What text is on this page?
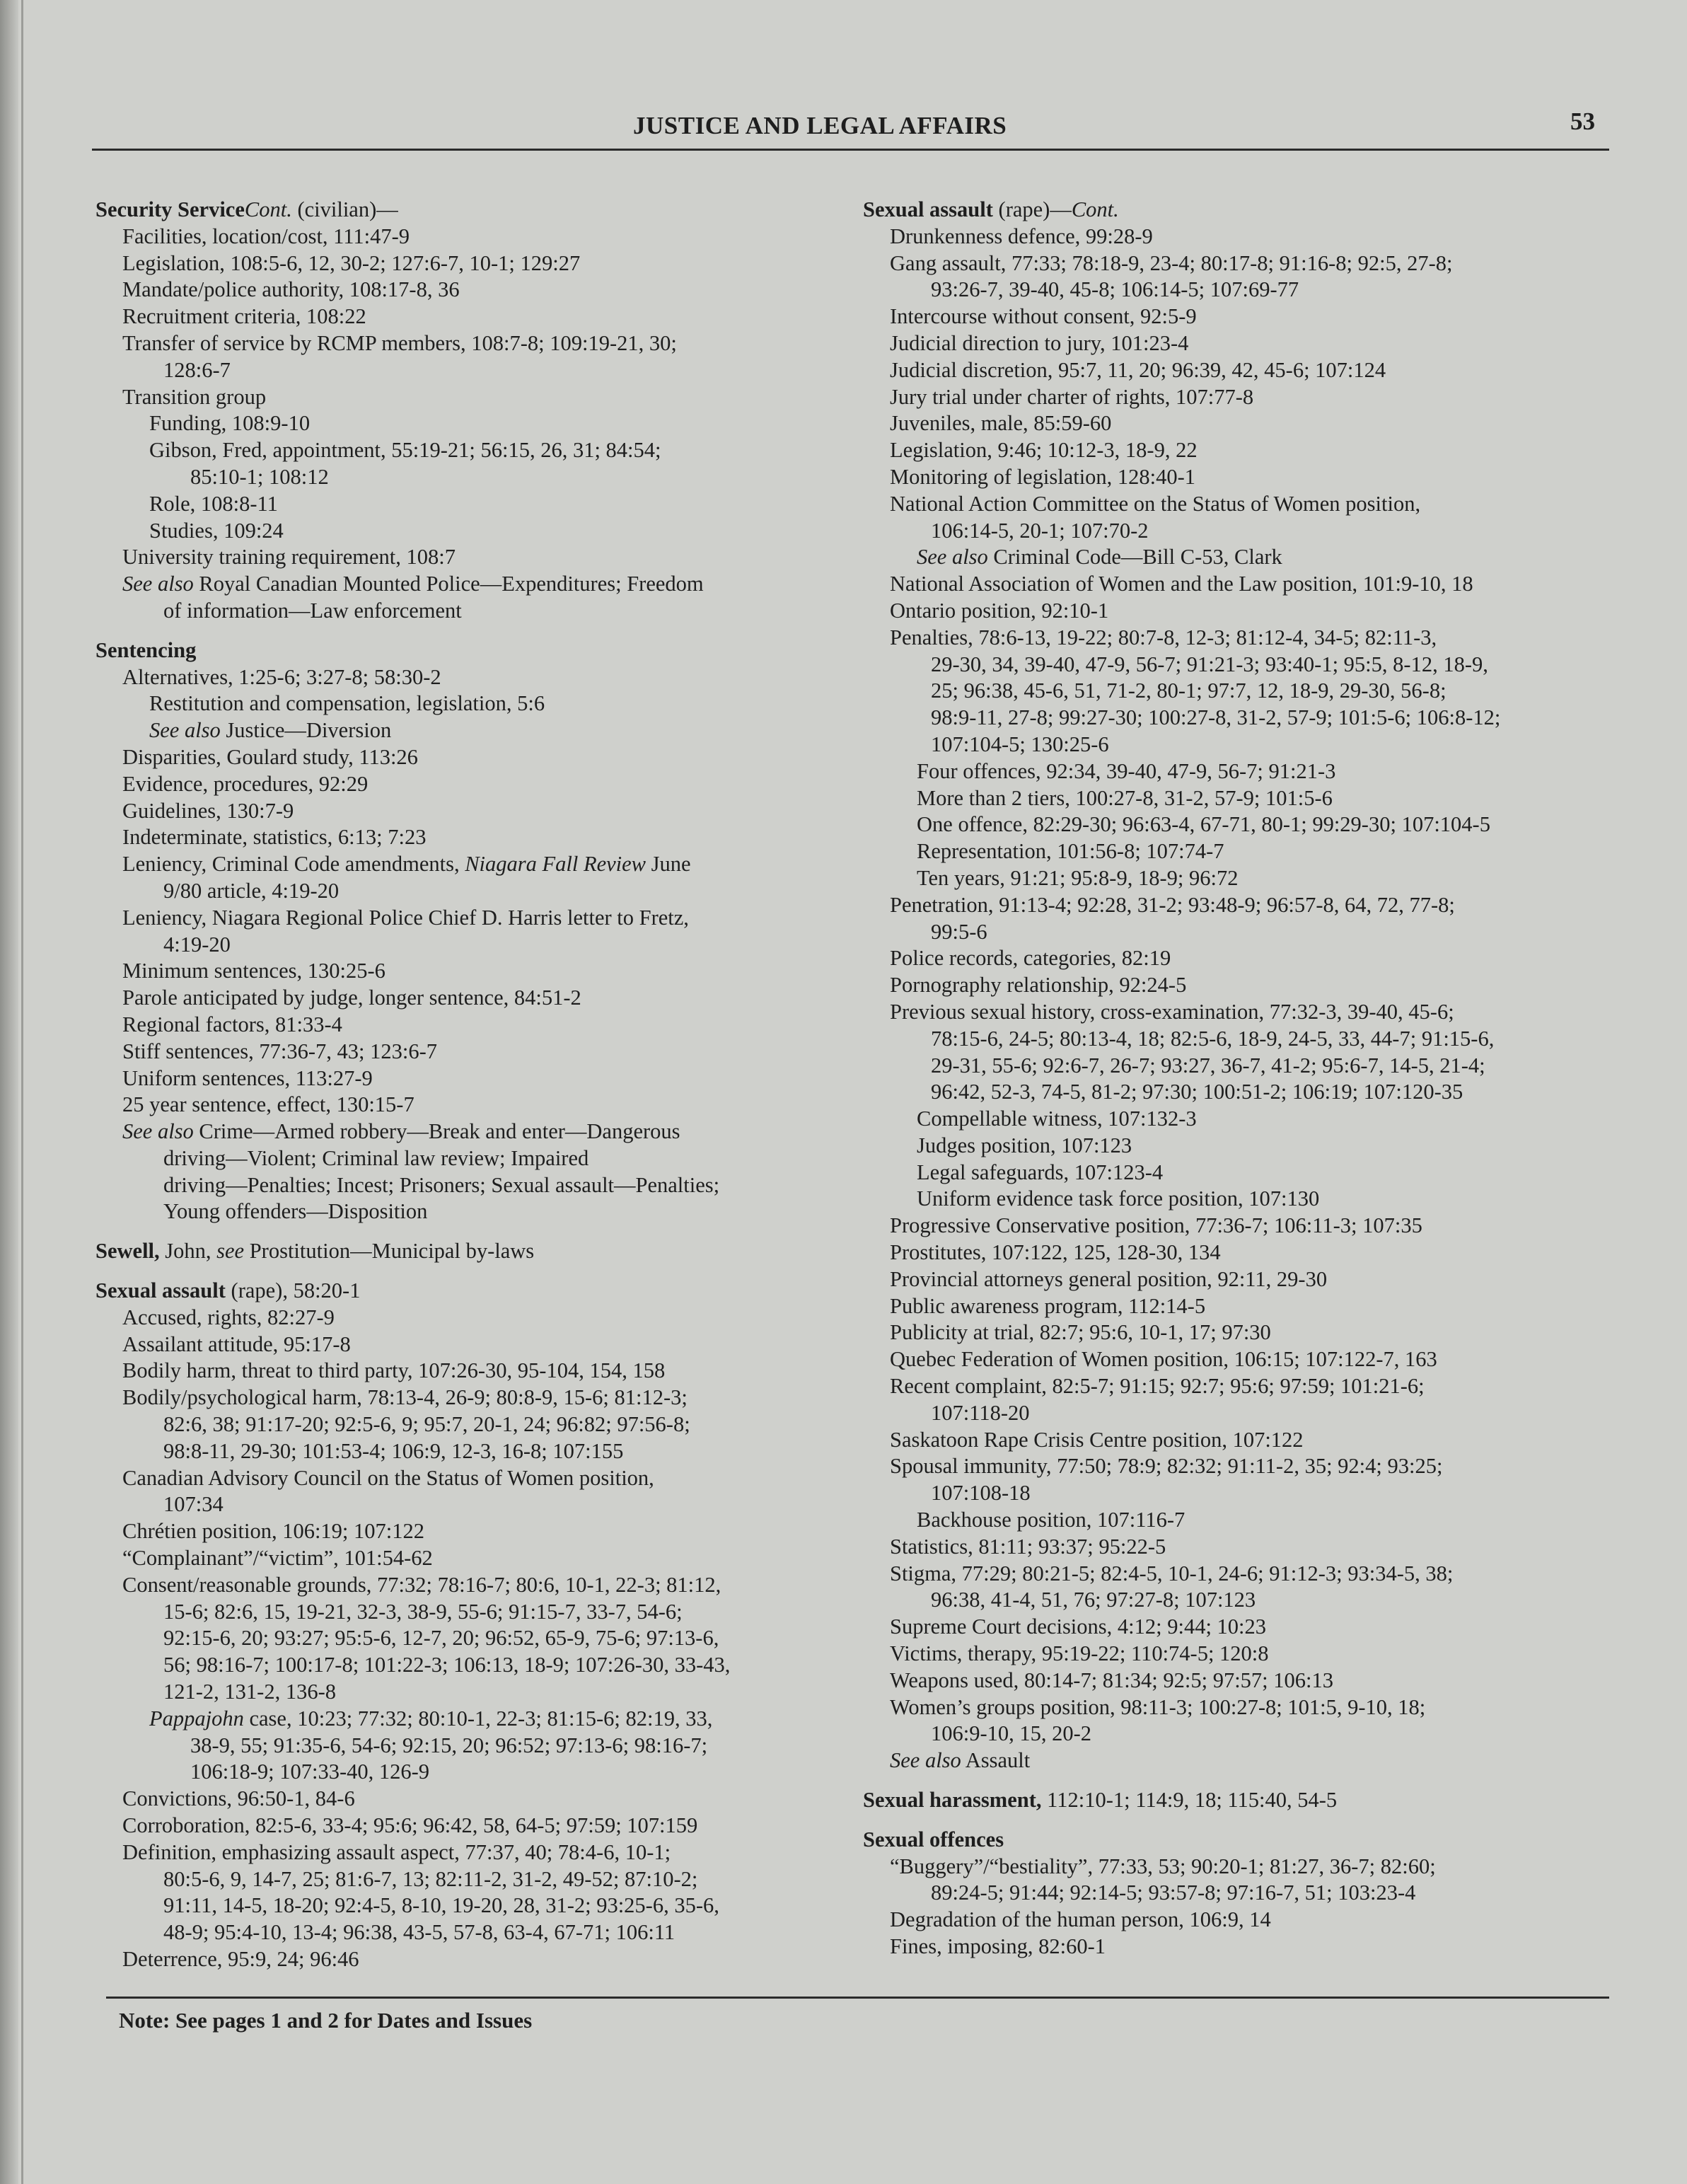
JUSTICE AND LEGAL AFFAIRS	53
Security ServiceCont. (civilian)—
Facilities, location/cost, 111:47-9
Legislation, 108:5-6, 12, 30-2; 127:6-7, 10-1; 129:27
Mandate/police authority, 108:17-8, 36
Recruitment criteria, 108:22
Transfer of service by RCMP members, 108:7-8; 109:19-21, 30;
128:6-7
Transition group
Funding, 108:9-10
Gibson, Fred, appointment, 55:19-21; 56:15, 26, 31; 84:54;
85:10-1; 108:12
Role, 108:8-11
Studies, 109:24
University training requirement, 108:7
See also Royal Canadian Mounted Police—Expenditures; Freedom
of information—Law enforcement
Sentencing
Alternatives, 1:25-6; 3:27-8; 58:30-2
Restitution and compensation, legislation, 5:6
See also Justice—Diversion
Disparities, Goulard study, 113:26
Evidence, procedures, 92:29
Guidelines, 130:7-9
Indeterminate, statistics, 6:13; 7:23
Leniency, Criminal Code amendments, Niagara Fall Review June
9/80 article, 4:19-20
Leniency, Niagara Regional Police Chief D. Harris letter to Fretz,
4:19-20
Minimum sentences, 130:25-6
Parole anticipated by judge, longer sentence, 84:51-2
Regional factors, 81:33-4
Stiff sentences, 77:36-7, 43; 123:6-7
Uniform sentences, 113:27-9
25 year sentence, effect, 130:15-7
See also Crime—Armed robbery—Break and enter—Dangerous
driving—Violent; Criminal law review; Impaired
driving—Penalties; Incest; Prisoners; Sexual assault—Penalties;
Young offenders—Disposition
Sewell, John, see Prostitution—Municipal by-laws
Sexual assault (rape), 58:20-1
Accused, rights, 82:27-9
Assailant attitude, 95:17-8
Bodily harm, threat to third party, 107:26-30, 95-104, 154, 158
Bodily/psychological harm, 78:13-4, 26-9; 80:8-9, 15-6; 81:12-3;
82:6, 38; 91:17-20; 92:5-6, 9; 95:7, 20-1, 24; 96:82; 97:56-8;
98:8-11, 29-30; 101:53-4; 106:9, 12-3, 16-8; 107:155
Canadian Advisory Council on the Status of Women position,
107:34
Chrétien position, 106:19; 107:122
“Complainant”/“victim”, 101:54-62
Consent/reasonable grounds, 77:32; 78:16-7; 80:6, 10-1, 22-3; 81:12,
15-6; 82:6, 15, 19-21, 32-3, 38-9, 55-6; 91:15-7, 33-7, 54-6;
92:15-6, 20; 93:27; 95:5-6, 12-7, 20; 96:52, 65-9, 75-6; 97:13-6,
56; 98:16-7; 100:17-8; 101:22-3; 106:13, 18-9; 107:26-30, 33-43,
121-2, 131-2, 136-8
Pappajohn case, 10:23; 77:32; 80:10-1, 22-3; 81:15-6; 82:19, 33,
38-9, 55; 91:35-6, 54-6; 92:15, 20; 96:52; 97:13-6; 98:16-7;
106:18-9; 107:33-40, 126-9
Convictions, 96:50-1, 84-6
Corroboration, 82:5-6, 33-4; 95:6; 96:42, 58, 64-5; 97:59; 107:159
Definition, emphasizing assault aspect, 77:37, 40; 78:4-6, 10-1;
80:5-6, 9, 14-7, 25; 81:6-7, 13; 82:11-2, 31-2, 49-52; 87:10-2;
91:11, 14-5, 18-20; 92:4-5, 8-10, 19-20, 28, 31-2; 93:25-6, 35-6,
48-9; 95:4-10, 13-4; 96:38, 43-5, 57-8, 63-4, 67-71; 106:11
Deterrence, 95:9, 24; 96:46
Sexual assault (rape)—Cont.
Drunkenness defence, 99:28-9
Gang assault, 77:33; 78:18-9, 23-4; 80:17-8; 91:16-8; 92:5, 27-8;
93:26-7, 39-40, 45-8; 106:14-5; 107:69-77
Intercourse without consent, 92:5-9
Judicial direction to jury, 101:23-4
Judicial discretion, 95:7, 11, 20; 96:39, 42, 45-6; 107:124
Jury trial under charter of rights, 107:77-8
Juveniles, male, 85:59-60
Legislation, 9:46; 10:12-3, 18-9, 22
Monitoring of legislation, 128:40-1
National Action Committee on the Status of Women position,
106:14-5, 20-1; 107:70-2
See also Criminal Code—Bill C-53, Clark
National Association of Women and the Law position, 101:9-10, 18
Ontario position, 92:10-1
Penalties, 78:6-13, 19-22; 80:7-8, 12-3; 81:12-4, 34-5; 82:11-3,
29-30, 34, 39-40, 47-9, 56-7; 91:21-3; 93:40-1; 95:5, 8-12, 18-9,
25; 96:38, 45-6, 51, 71-2, 80-1; 97:7, 12, 18-9, 29-30, 56-8;
98:9-11, 27-8; 99:27-30; 100:27-8, 31-2, 57-9; 101:5-6; 106:8-12;
107:104-5; 130:25-6
Four offences, 92:34, 39-40, 47-9, 56-7; 91:21-3
More than 2 tiers, 100:27-8, 31-2, 57-9; 101:5-6
One offence, 82:29-30; 96:63-4, 67-71, 80-1; 99:29-30; 107:104-5
Representation, 101:56-8; 107:74-7
Ten years, 91:21; 95:8-9, 18-9; 96:72
Penetration, 91:13-4; 92:28, 31-2; 93:48-9; 96:57-8, 64, 72, 77-8;
99:5-6
Police records, categories, 82:19
Pornography relationship, 92:24-5
Previous sexual history, cross-examination, 77:32-3, 39-40, 45-6;
78:15-6, 24-5; 80:13-4, 18; 82:5-6, 18-9, 24-5, 33, 44-7; 91:15-6,
29-31, 55-6; 92:6-7, 26-7; 93:27, 36-7, 41-2; 95:6-7, 14-5, 21-4;
96:42, 52-3, 74-5, 81-2; 97:30; 100:51-2; 106:19; 107:120-35
Compellable witness, 107:132-3
Judges position, 107:123
Legal safeguards, 107:123-4
Uniform evidence task force position, 107:130
Progressive Conservative position, 77:36-7; 106:11-3; 107:35
Prostitutes, 107:122, 125, 128-30, 134
Provincial attorneys general position, 92:11, 29-30
Public awareness program, 112:14-5
Publicity at trial, 82:7; 95:6, 10-1, 17; 97:30
Quebec Federation of Women position, 106:15; 107:122-7, 163
Recent complaint, 82:5-7; 91:15; 92:7; 95:6; 97:59; 101:21-6;
107:118-20
Saskatoon Rape Crisis Centre position, 107:122
Spousal immunity, 77:50; 78:9; 82:32; 91:11-2, 35; 92:4; 93:25;
107:108-18
Backhouse position, 107:116-7
Statistics, 81:11; 93:37; 95:22-5
Stigma, 77:29; 80:21-5; 82:4-5, 10-1, 24-6; 91:12-3; 93:34-5, 38;
96:38, 41-4, 51, 76; 97:27-8; 107:123
Supreme Court decisions, 4:12; 9:44; 10:23
Victims, therapy, 95:19-22; 110:74-5; 120:8
Weapons used, 80:14-7; 81:34; 92:5; 97:57; 106:13
Women’s groups position, 98:11-3; 100:27-8; 101:5, 9-10, 18;
106:9-10, 15, 20-2
See also Assault
Sexual harassment, 112:10-1; 114:9, 18; 115:40, 54-5
Sexual offences
“Buggery”/“bestiality”, 77:33, 53; 90:20-1; 81:27, 36-7; 82:60;
89:24-5; 91:44; 92:14-5; 93:57-8; 97:16-7, 51; 103:23-4
Degradation of the human person, 106:9, 14
Fines, imposing, 82:60-1
Note: See pages 1 and 2 for Dates and Issues
